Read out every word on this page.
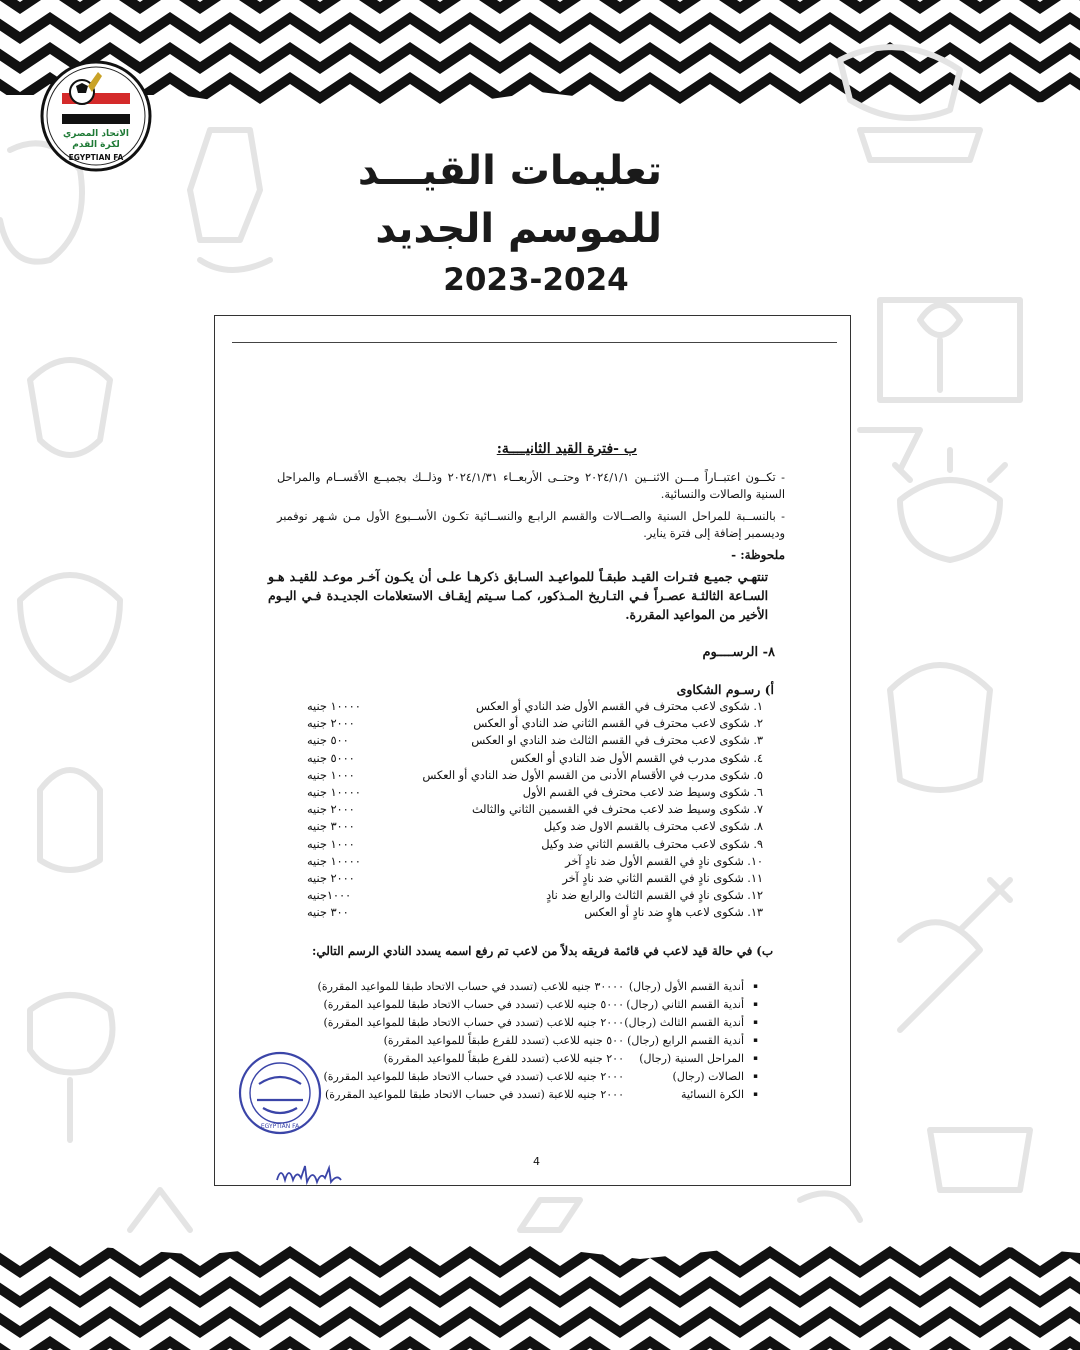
الاتحاد المصري
لكرة القدم
EGYPTIAN FA	تعليمات القيـــد
للموسم الجديد
2023-2024
ب -فترة القيد الثانيــــة:
- تكــون اعتبــاراً مـــن الاثنــين ٢٠٢٤/١/١ وحتــى الأربعــاء ٢٠٢٤/١/٣١ وذلــك بجميــع الأقســام والمراحل السنية والصالات والنسائية.
- بالنســبة للمراحل السنية والصــالات والقسم الرابـع والنســائية تكـون الأســبوع الأول مـن شـهر نوفمبر وديسمبر إضافة إلى فترة يناير.
ملحوظة: -
تنتهـي جميـع فتـرات القيـد طبقـاً للمواعيـد السـابق ذكرهـا علـى أن يكـون آخـر موعـد للقيـد هـو السـاعة الثالثـة عصـراً فـي التـاريخ المـذكور، كمـا سـيتم إيقـاف الاستعلامات الجديـدة فـي اليـوم الأخير من المواعيد المقررة.
٨- الرســــوم
أ) رسـوم الشكاوى
١. شكوى لاعب محترف في القسم الأول ضد النادي أو العكس
١٠٠٠٠ جنيه
٢. شكوى لاعب محترف في القسم الثاني ضد النادي أو العكس
٢٠٠٠ جنيه
٣. شكوى لاعب محترف في القسم الثالث ضد النادي او العكس
٥٠٠ جنيه
٤. شكوى مدرب في القسم الأول ضد النادي أو العكس
٥٠٠٠ جنيه
٥. شكوى مدرب في الأقسام الأدنى من القسم الأول ضد النادي أو العكس
١٠٠٠ جنيه
٦. شكوى وسيط ضد لاعب محترف في القسم الأول
١٠٠٠٠ جنيه
٧. شكوى وسيط ضد لاعب محترف في القسمين الثاني والثالث
٢٠٠٠ جنيه
٨. شكوى لاعب محترف بالقسم الاول ضد وكيل
٣٠٠٠ جنيه
٩. شكوى لاعب محترف بالقسم الثاني ضد وكيل
١٠٠٠ جنيه
١٠. شكوى نادٍ في القسم الأول ضد نادٍ آخر
١٠٠٠٠ جنيه
١١. شكوى نادٍ في القسم الثاني ضد نادٍ آخر
٢٠٠٠ جنيه
١٢. شكوى نادٍ في القسم الثالث والرابع ضد نادٍ
١٠٠٠جنيه
١٣. شكوى لاعب هاوٍ ضد نادٍ أو العكس
٣٠٠ جنيه
ب) في حالة قيد لاعب في قائمة فريقه بدلاً من لاعب تم رفع اسمه يسدد النادي الرسم التالي:
▪
أندية القسم الأول (رجال)
٣٠٠٠٠ جنيه للاعب (تسدد في حساب الاتحاد طبقا للمواعيد المقررة)
▪
أندية القسم الثاني (رجال)
٥٠٠٠ جنيه للاعب (تسدد في حساب الاتحاد طبقا للمواعيد المقررة)
▪
أندية القسم الثالث (رجال)
٢٠٠٠ جنيه للاعب (تسدد في حساب الاتحاد طبقا للمواعيد المقررة)
▪
أندية القسم الرابع (رجال)
٥٠٠ جنيه للاعب (تسدد للفرع طبقاً للمواعيد المقررة)
▪
المراحل السنية (رجال)
٢٠٠ جنيه للاعب (تسدد للفرع طبقاً للمواعيد المقررة)
▪
الصالات (رجال)
٢٠٠٠ جنيه للاعب (تسدد في حساب الاتحاد طبقا للمواعيد المقررة)
▪
الكرة النسائية
٢٠٠٠ جنيه للاعبة (تسدد في حساب الاتحاد طبقا للمواعيد المقررة)
EGYPTIAN FA
4
